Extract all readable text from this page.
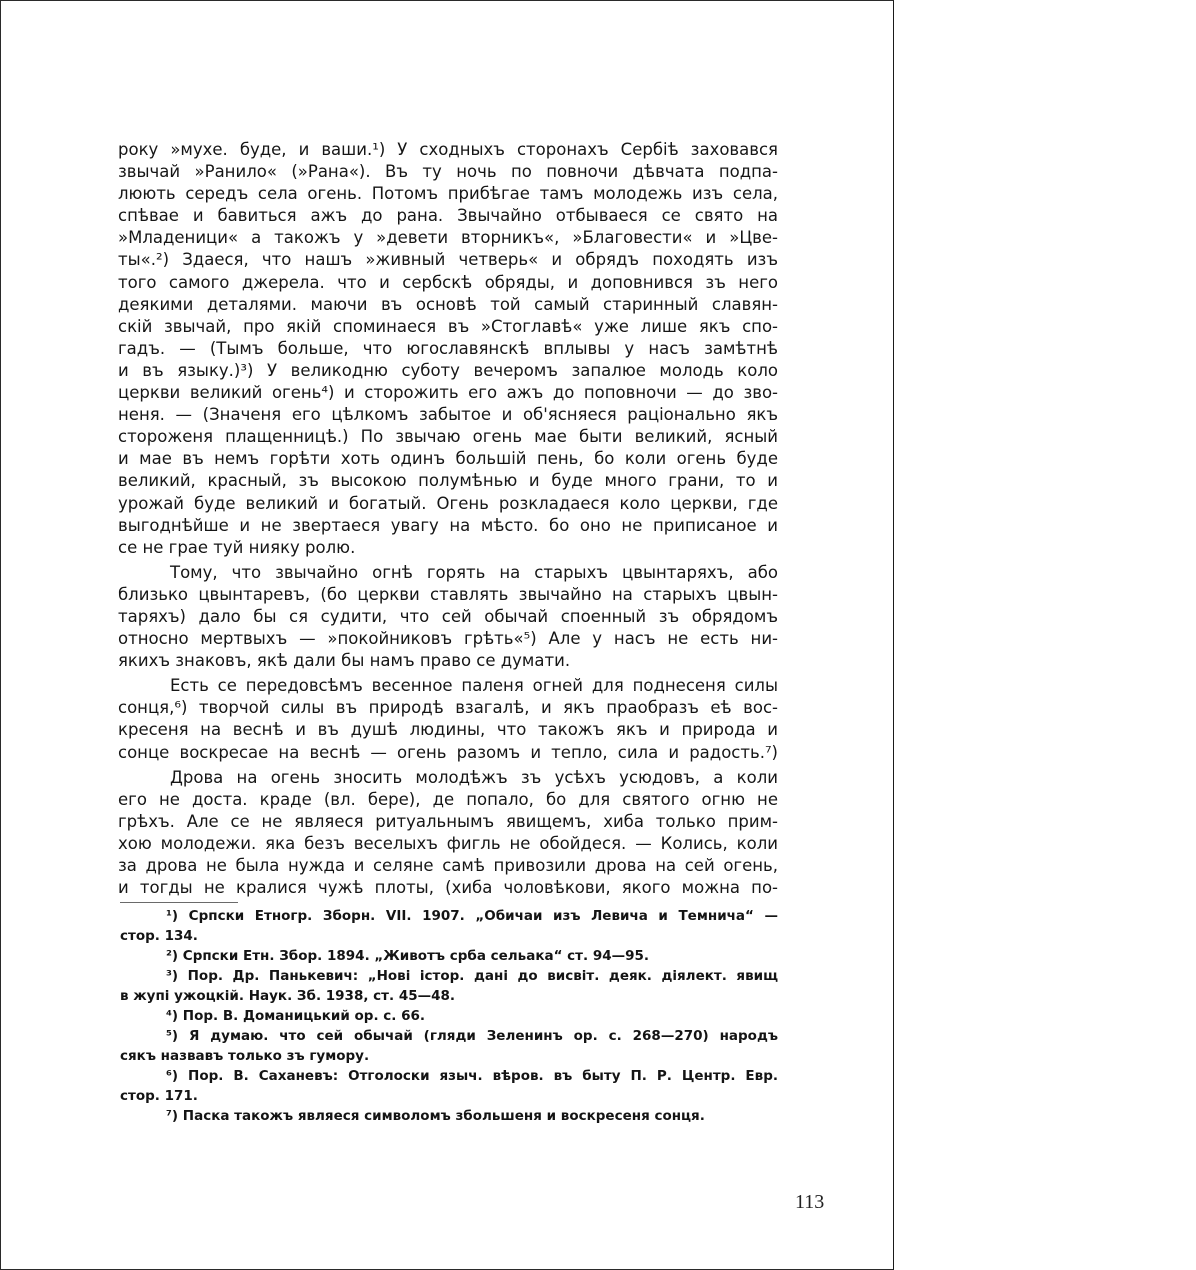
року »мухе. буде, и ваши.¹) У сходныхъ сторонахъ Сербіѣ заховався
звычай »Ранило« (»Рана«). Въ ту ночь по повночи дѣвчата подпа-
люють середъ села огень. Потомъ прибѣгае тамъ молодежь изъ села,
спѣвае и бавиться ажъ до рана. Звычайно отбываеся се свято на
»Младеници« а такожъ у »девети вторникъ«, »Благовести« и »Цве-
ты«.²) Здаеся, что нашъ »живный четверь« и обрядъ походять изъ
того самого джерела. что и сербскѣ обряды, и доповнився зъ него
деякими деталями. маючи въ основѣ той самый старинный славян-
скій звычай, про якій споминаеся въ »Стоглавѣ« уже лише якъ спо-
гадъ. — (Тымъ больше, что югославянскѣ вплывы у насъ замѣтнѣ
и въ языку.)³) У великодню суботу вечеромъ запалюе молодь коло
церкви великий огень⁴) и сторожить его ажъ до поповночи — до зво-
неня. — (Значеня его цѣлкомъ забытое и об'ясняеся раціонально якъ
стороженя плащенницѣ.) По звычаю огень мае быти великий, ясный
и мае въ немъ горѣти хоть одинъ большій пень, бо коли огень буде
великий, красный, зъ высокою полумѣнью и буде много грани, то и
урожай буде великий и богатый. Огень розкладаеся коло церкви, где
выгоднѣйше и не звертаеся увагу на мѣсто. бо оно не приписаное и
се не грае туй нияку ролю.
Тому, что звычайно огнѣ горять на старыхъ цвынтаряхъ, або
близько цвынтаревъ, (бо церкви ставлять звычайно на старыхъ цвын-
таряхъ) дало бы ся судити, что сей обычай споенный зъ обрядомъ
относно мертвыхъ — »покойниковъ грѣть«⁵) Але у насъ не есть ни-
якихъ знаковъ, якѣ дали бы намъ право се думати.
Есть се передовсѣмъ весенное паленя огней для поднесеня силы
сонця,⁶) творчой силы въ природѣ взагалѣ, и якъ праобразъ еѣ вос-
кресеня на веснѣ и въ душѣ людины, что такожъ якъ и природа и
сонце воскресае на веснѣ — огень разомъ и тепло, сила и радость.⁷)
Дрова на огень зносить молодѣжъ зъ усѣхъ усюдовъ, а коли
его не доста. краде (вл. бере), де попало, бо для святого огню не
грѣхъ. Але се не являеся ритуальнымъ явищемъ, хиба только прим-
хою молодежи. яка безъ веселыхъ фигль не обойдеся. — Колись, коли
за дрова не была нужда и селяне самѣ привозили дрова на сей огень,
и тогды не кралися чужѣ плоты, (хиба чоловѣкови, якого можна по-
¹) Српски Етногр. Зборн. VII. 1907. „Обичаи изъ Левича и Темнича“ —
стор. 134.
²) Српски Етн. Збор. 1894. „Животъ срба сельака“ ст. 94—95.
³) Пор. Др. Панькевич: „Нові істор. дані до висвіт. деяк. діялект. явищ
в жупі ужоцкій. Наук. Зб. 1938, ст. 45—48.
⁴) Пор. В. Доманицький ор. с. 66.
⁵) Я думаю. что сей обычай (гляди Зеленинъ ор. с. 268—270) народъ
сякъ назвавъ только зъ гумору.
⁶) Пор. В. Саханевъ: Отголоски языч. вѣров. въ быту П. Р. Центр. Евр.
стор. 171.
⁷) Паска такожъ являеся символомъ збольшеня и воскресеня сонця.
113
